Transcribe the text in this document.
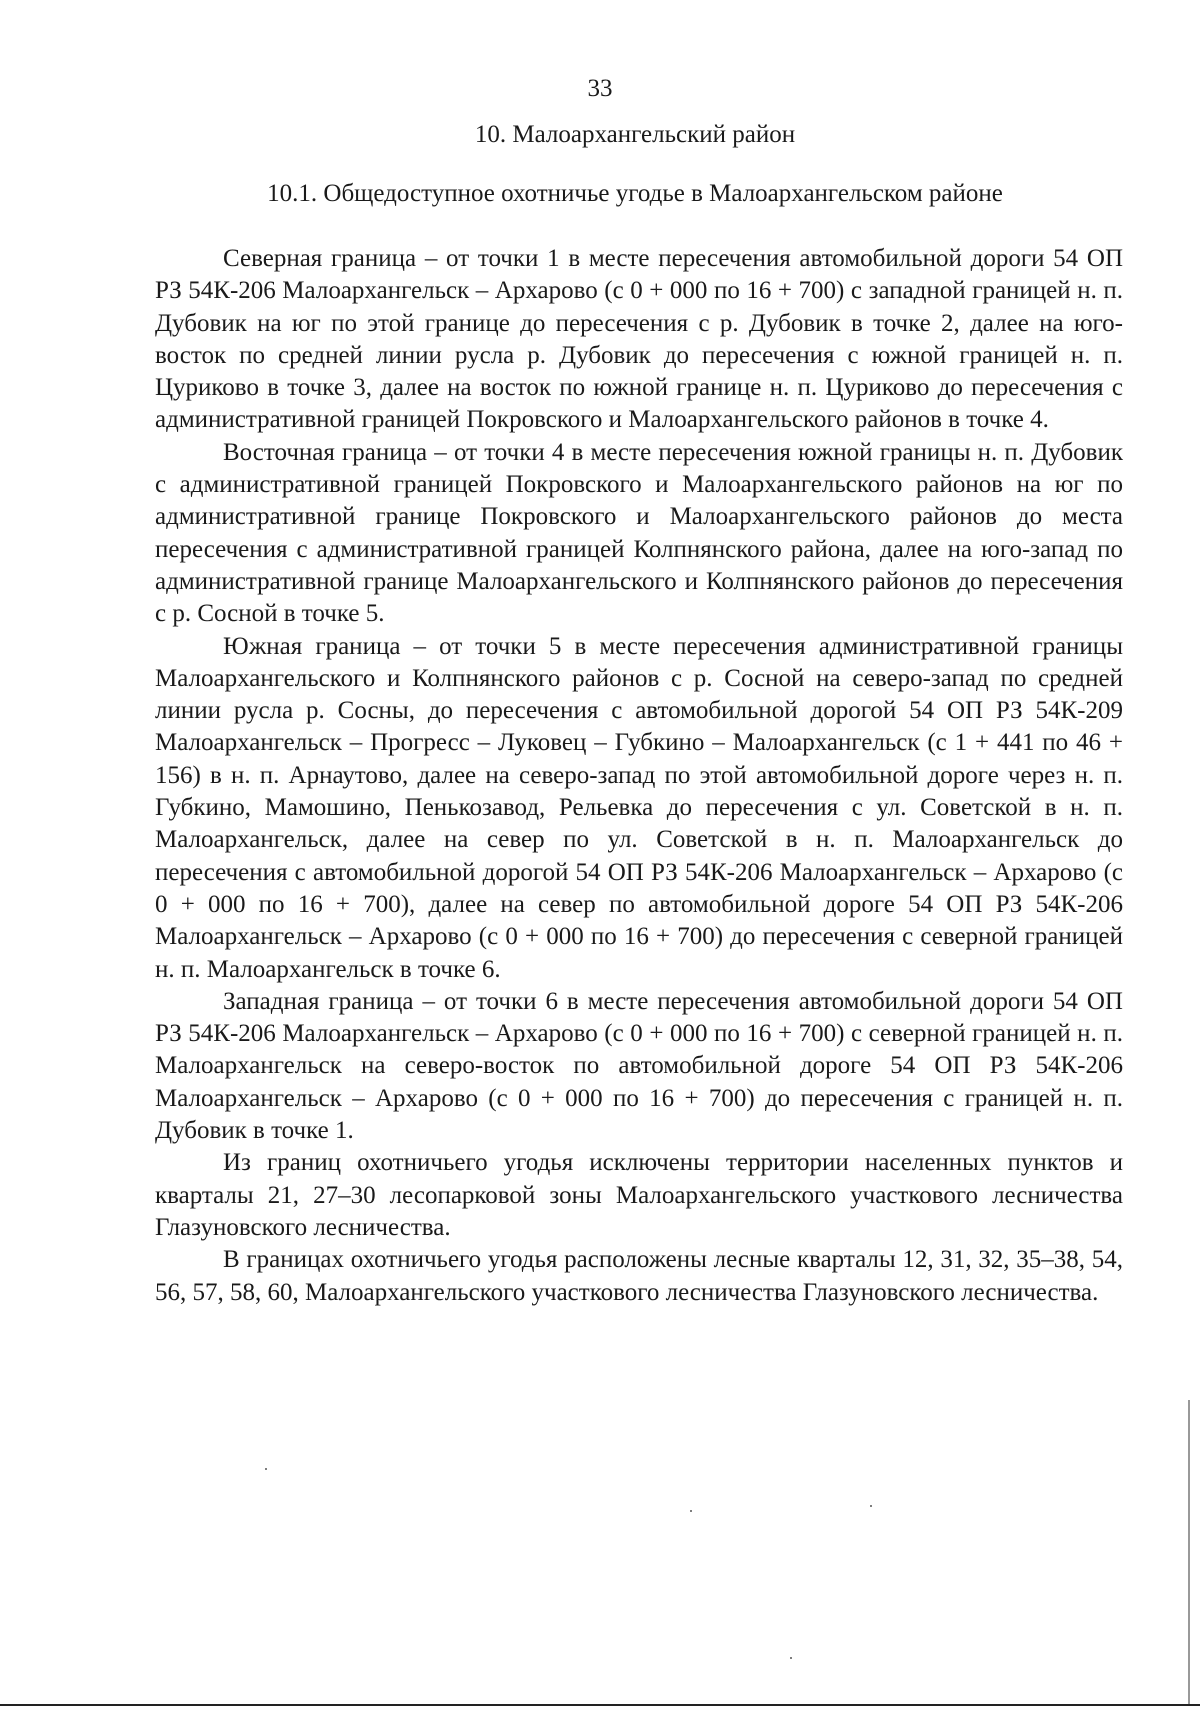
33
10. Малоархангельский район
10.1. Общедоступное охотничье угодье в Малоархангельском районе

Северная граница – от точки 1 в месте пересечения автомобильной дороги 54 ОП РЗ 54К-206 Малоархангельск – Архарово (с 0 + 000 по 16 + 700) с западной границей н. п. Дубовик на юг по этой границе до пересечения с р. Дубовик в точке 2, далее на юго-восток по средней линии русла р. Дубовик до пересечения с южной границей н. п. Цуриково в точке 3, далее на восток по южной границе н. п. Цуриково до пересечения с административной границей Покровского и Малоархангельского районов в точке 4.

Восточная граница – от точки 4 в месте пересечения южной границы н. п. Дубовик с административной границей Покровского и Малоархангельского районов на юг по административной границе Покровского и Малоархангельского районов до места пересечения с административной границей Колпнянского района, далее на юго-запад по административной границе Малоархангельского и Колпнянского районов до пересечения с р. Сосной в точке 5.

Южная граница – от точки 5 в месте пересечения административной границы Малоархангельского и Колпнянского районов с р. Сосной на северо-запад по средней линии русла р. Сосны, до пересечения с автомобильной дорогой 54 ОП РЗ 54К-209 Малоархангельск – Прогресс – Луковец – Губкино – Малоархангельск (с 1 + 441 по 46 + 156) в н. п. Арнаутово, далее на северо-запад по этой автомобильной дороге через н. п. Губкино, Мамошино, Пенькозавод, Рельевка до пересечения с ул. Советской в н. п. Малоархангельск, далее на север по ул. Советской в н. п. Малоархангельск до пересечения с автомобильной дорогой 54 ОП РЗ 54К-206 Малоархангельск – Архарово (с 0 + 000 по 16 + 700), далее на север по автомобильной дороге 54 ОП РЗ 54К-206 Малоархангельск – Архарово (с 0 + 000 по 16 + 700) до пересечения с северной границей н. п. Малоархангельск в точке 6.

Западная граница – от точки 6 в месте пересечения автомобильной дороги 54 ОП РЗ 54К-206 Малоархангельск – Архарово (с 0 + 000 по 16 + 700) с северной границей н. п. Малоархангельск на северо-восток по автомобильной дороге 54 ОП РЗ 54К-206 Малоархангельск – Архарово (с 0 + 000 по 16 + 700) до пересечения с границей н. п. Дубовик в точке 1.

Из границ охотничьего угодья исключены территории населенных пунктов и кварталы 21, 27–30 лесопарковой зоны Малоархангельского участкового лесничества Глазуновского лесничества.

В границах охотничьего угодья расположены лесные кварталы 12, 31, 32, 35–38, 54, 56, 57, 58, 60, Малоархангельского участкового лесничества Глазуновского лесничества.
